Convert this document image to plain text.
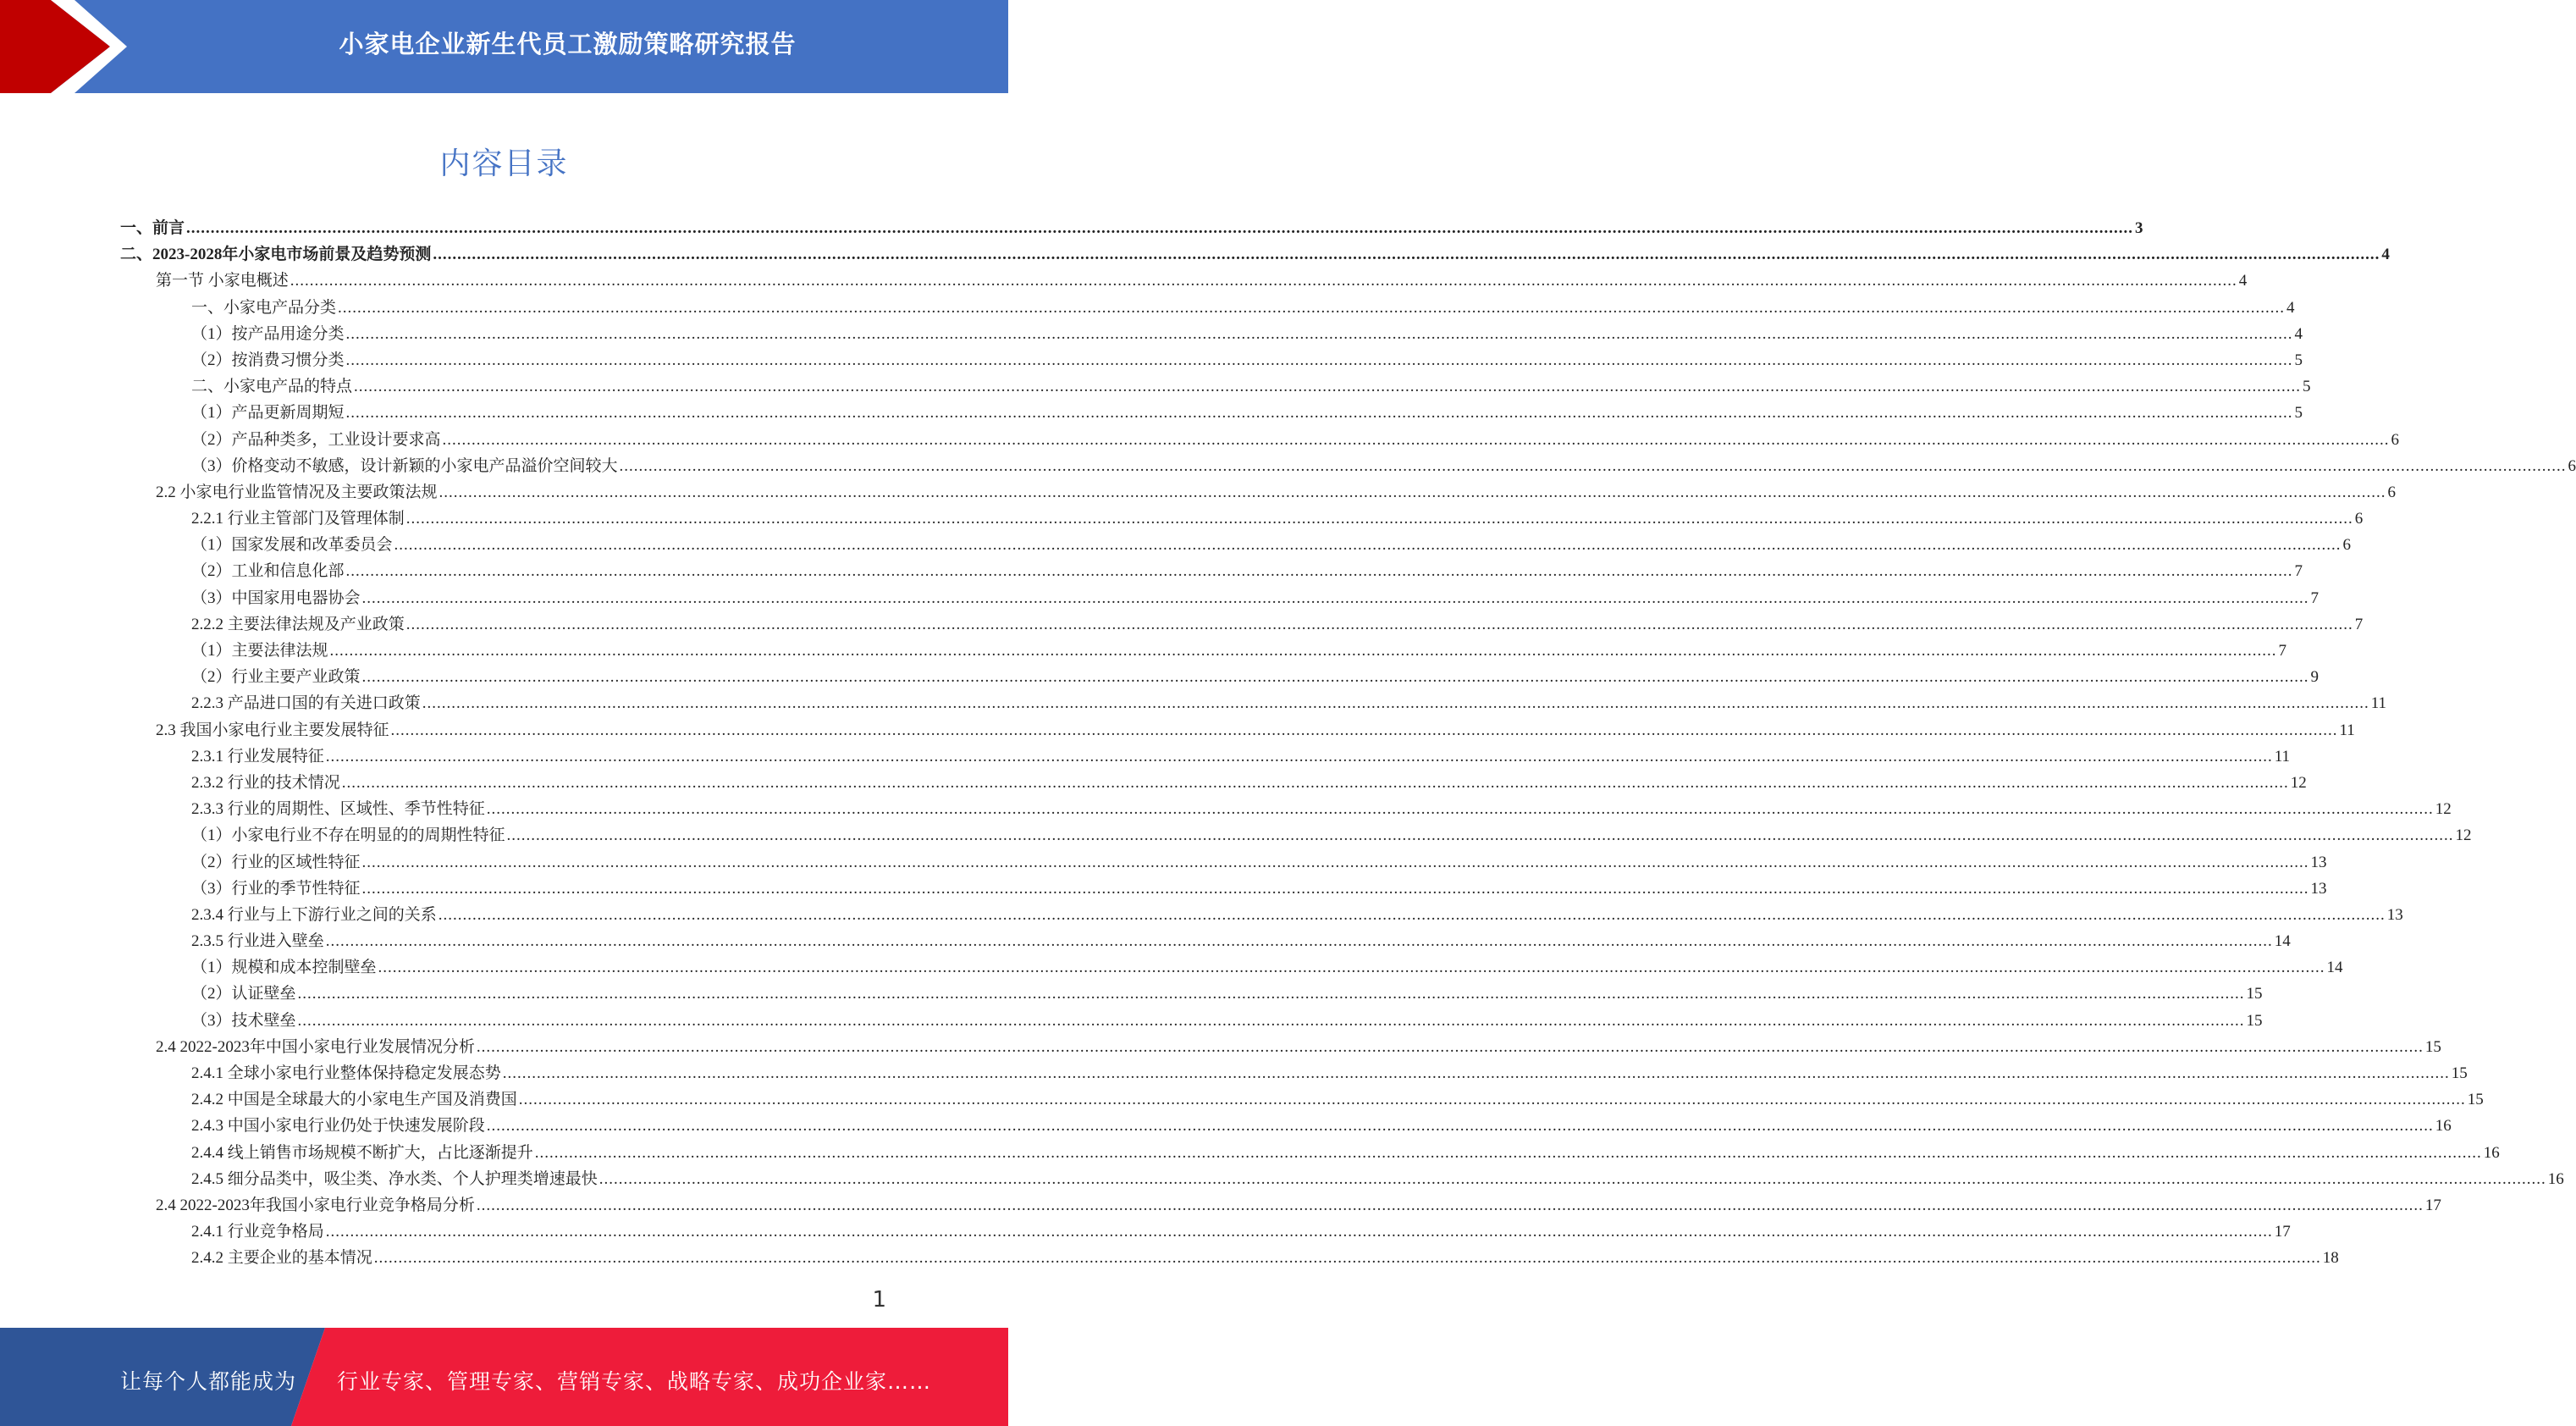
小家电企业新生代员工激励策略研究报告
内容目录
一、前言 ................................................................................................................................................................................................................................................................................................................................................................................................................ 3
二、2023-2028年小家电市场前景及趋势预测 ................................................................................................................................................................................................................................................................................................................................................................................................................ 4
第一节 小家电概述 ................................................................................................................................................................................................................................................................................................................................................................................................................ 4
一、小家电产品分类 ................................................................................................................................................................................................................................................................................................................................................................................................................ 4
（1）按产品用途分类 ................................................................................................................................................................................................................................................................................................................................................................................................................ 4
（2）按消费习惯分类 ................................................................................................................................................................................................................................................................................................................................................................................................................ 5
二、小家电产品的特点 ................................................................................................................................................................................................................................................................................................................................................................................................................ 5
（1）产品更新周期短 ................................................................................................................................................................................................................................................................................................................................................................................................................ 5
（2）产品种类多，工业设计要求高 ................................................................................................................................................................................................................................................................................................................................................................................................................ 6
（3）价格变动不敏感，设计新颖的小家电产品溢价空间较大 ................................................................................................................................................................................................................................................................................................................................................................................................................ 6
2.2 小家电行业监管情况及主要政策法规 ................................................................................................................................................................................................................................................................................................................................................................................................................ 6
2.2.1 行业主管部门及管理体制 ................................................................................................................................................................................................................................................................................................................................................................................................................ 6
（1）国家发展和改革委员会 ................................................................................................................................................................................................................................................................................................................................................................................................................ 6
（2）工业和信息化部 ................................................................................................................................................................................................................................................................................................................................................................................................................ 7
（3）中国家用电器协会 ................................................................................................................................................................................................................................................................................................................................................................................................................ 7
2.2.2 主要法律法规及产业政策 ................................................................................................................................................................................................................................................................................................................................................................................................................ 7
（1）主要法律法规 ................................................................................................................................................................................................................................................................................................................................................................................................................ 7
（2）行业主要产业政策 ................................................................................................................................................................................................................................................................................................................................................................................................................ 9
2.2.3 产品进口国的有关进口政策 ................................................................................................................................................................................................................................................................................................................................................................................................................ 11
2.3 我国小家电行业主要发展特征 ................................................................................................................................................................................................................................................................................................................................................................................................................ 11
2.3.1 行业发展特征 ................................................................................................................................................................................................................................................................................................................................................................................................................ 11
2.3.2 行业的技术情况 ................................................................................................................................................................................................................................................................................................................................................................................................................ 12
2.3.3 行业的周期性、区域性、季节性特征 ................................................................................................................................................................................................................................................................................................................................................................................................................ 12
（1）小家电行业不存在明显的的周期性特征 ................................................................................................................................................................................................................................................................................................................................................................................................................ 12
（2）行业的区域性特征 ................................................................................................................................................................................................................................................................................................................................................................................................................ 13
（3）行业的季节性特征 ................................................................................................................................................................................................................................................................................................................................................................................................................ 13
2.3.4 行业与上下游行业之间的关系 ................................................................................................................................................................................................................................................................................................................................................................................................................ 13
2.3.5 行业进入壁垒 ................................................................................................................................................................................................................................................................................................................................................................................................................ 14
（1）规模和成本控制壁垒 ................................................................................................................................................................................................................................................................................................................................................................................................................ 14
（2）认证壁垒 ................................................................................................................................................................................................................................................................................................................................................................................................................ 15
（3）技术壁垒 ................................................................................................................................................................................................................................................................................................................................................................................................................ 15
2.4 2022-2023年中国小家电行业发展情况分析 ................................................................................................................................................................................................................................................................................................................................................................................................................ 15
2.4.1 全球小家电行业整体保持稳定发展态势 ................................................................................................................................................................................................................................................................................................................................................................................................................ 15
2.4.2 中国是全球最大的小家电生产国及消费国 ................................................................................................................................................................................................................................................................................................................................................................................................................ 15
2.4.3 中国小家电行业仍处于快速发展阶段 ................................................................................................................................................................................................................................................................................................................................................................................................................ 16
2.4.4 线上销售市场规模不断扩大，占比逐渐提升 ................................................................................................................................................................................................................................................................................................................................................................................................................ 16
2.4.5 细分品类中，吸尘类、净水类、个人护理类增速最快 ................................................................................................................................................................................................................................................................................................................................................................................................................ 16
2.4 2022-2023年我国小家电行业竞争格局分析 ................................................................................................................................................................................................................................................................................................................................................................................................................ 17
2.4.1 行业竞争格局 ................................................................................................................................................................................................................................................................................................................................................................................................................ 17
2.4.2 主要企业的基本情况 ................................................................................................................................................................................................................................................................................................................................................................................................................ 18
1
让每个人都能成为 行业专家、管理专家、营销专家、战略专家、成功企业家……
